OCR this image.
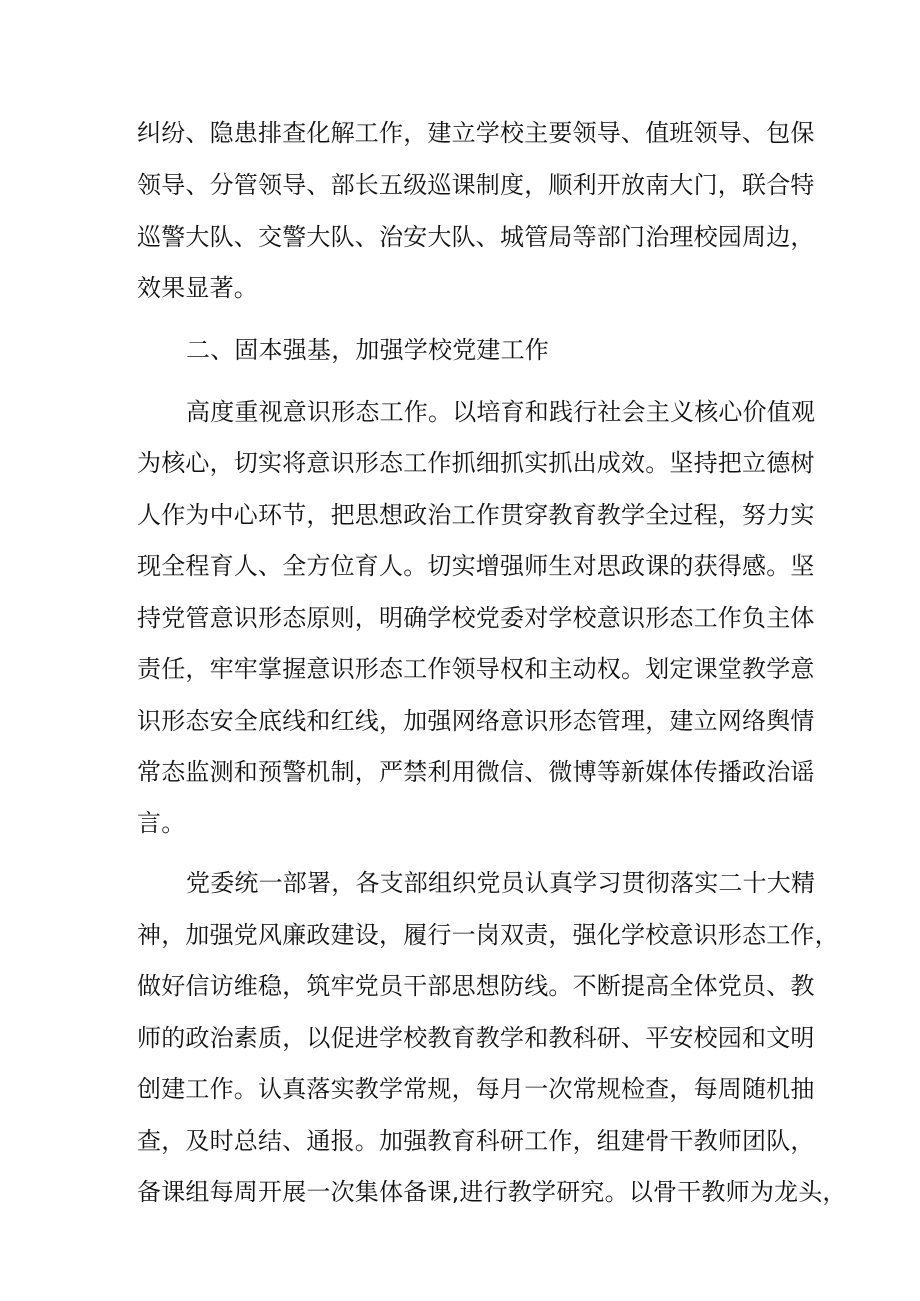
纠纷、隐患排查化解工作，建立学校主要领导、值班领导、包保
领导、分管领导、部长五级巡课制度，顺利开放南大门，联合特
巡警大队、交警大队、治安大队、城管局等部门治理校园周边，
效果显著。
二、固本强基，加强学校党建工作
高度重视意识形态工作。以培育和践行社会主义核心价值观
为核心，切实将意识形态工作抓细抓实抓出成效。坚持把立德树
人作为中心环节，把思想政治工作贯穿教育教学全过程，努力实
现全程育人、全方位育人。切实增强师生对思政课的获得感。坚
持党管意识形态原则，明确学校党委对学校意识形态工作负主体
责任，牢牢掌握意识形态工作领导权和主动权。划定课堂教学意
识形态安全底线和红线，加强网络意识形态管理，建立网络舆情
常态监测和预警机制，严禁利用微信、微博等新媒体传播政治谣
言。
党委统一部署，各支部组织党员认真学习贯彻落实二十大精
神，加强党风廉政建设，履行一岗双责，强化学校意识形态工作，
做好信访维稳，筑牢党员干部思想防线。不断提高全体党员、教
师的政治素质，以促进学校教育教学和教科研、平安校园和文明
创建工作。认真落实教学常规，每月一次常规检查，每周随机抽
查，及时总结、通报。加强教育科研工作，组建骨干教师团队，
备课组每周开展一次集体备课,进行教学研究。以骨干教师为龙头，
